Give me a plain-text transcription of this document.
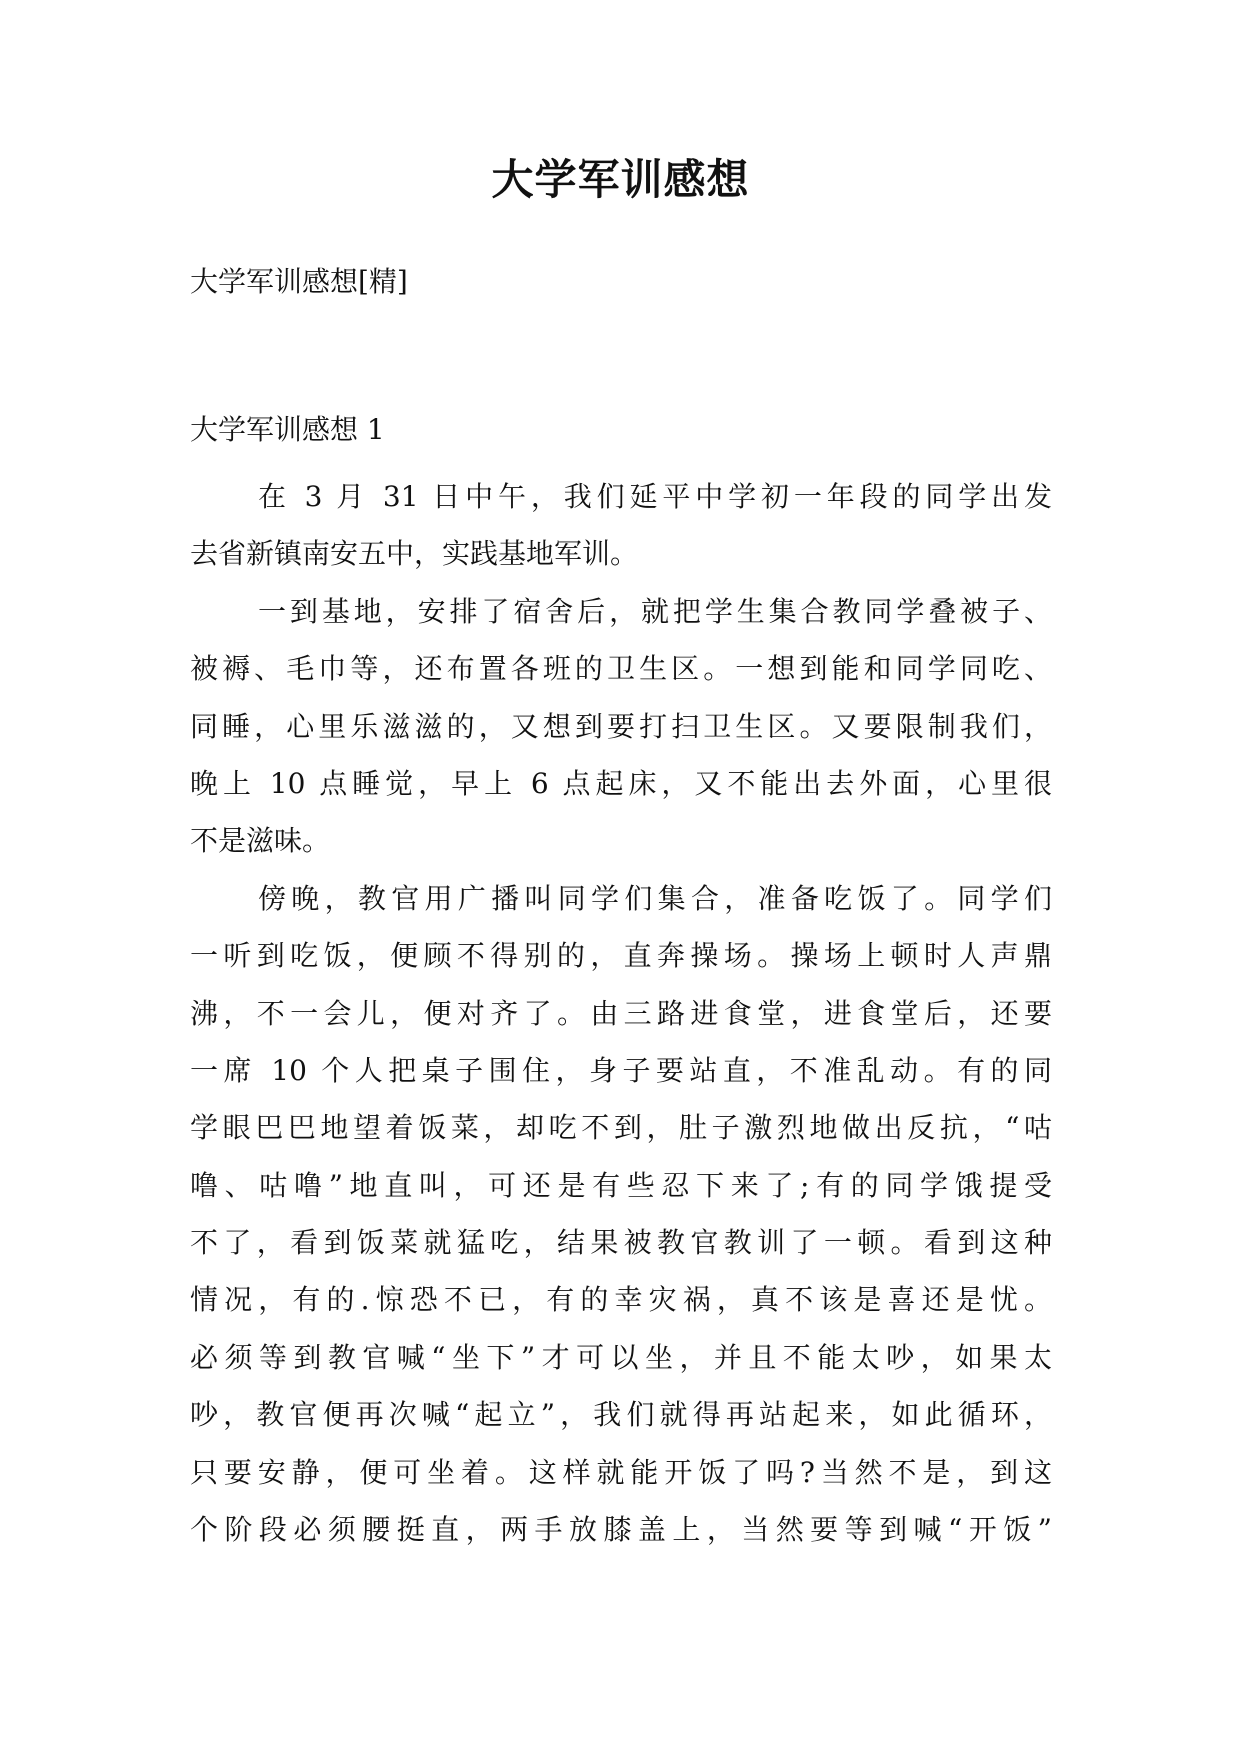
大学军训感想

大学军训感想[精]

大学军训感想 1

在 3 月 31 日中午，我们延平中学初一年段的同学出发
去省新镇南安五中，实践基地军训。
一到基地，安排了宿舍后，就把学生集合教同学叠被子、
被褥、毛巾等，还布置各班的卫生区。一想到能和同学同吃、
同睡，心里乐滋滋的，又想到要打扫卫生区。又要限制我们，
晚上 10 点睡觉，早上 6 点起床，又不能出去外面，心里很
不是滋味。
傍晚，教官用广播叫同学们集合，准备吃饭了。同学们
一听到吃饭，便顾不得别的，直奔操场。操场上顿时人声鼎
沸，不一会儿，便对齐了。由三路进食堂，进食堂后，还要
一席 10 个人把桌子围住，身子要站直，不准乱动。有的同
学眼巴巴地望着饭菜，却吃不到，肚子激烈地做出反抗，“咕
噜、咕噜”地直叫，可还是有些忍下来了;有的同学饿提受
不了，看到饭菜就猛吃，结果被教官教训了一顿。看到这种
情况，有的.惊恐不已，有的幸灾祸，真不该是喜还是忧。
必须等到教官喊“坐下”才可以坐，并且不能太吵，如果太
吵，教官便再次喊“起立”，我们就得再站起来，如此循环，
只要安静，便可坐着。这样就能开饭了吗?当然不是，到这
个阶段必须腰挺直，两手放膝盖上，当然要等到喊“开饭”
